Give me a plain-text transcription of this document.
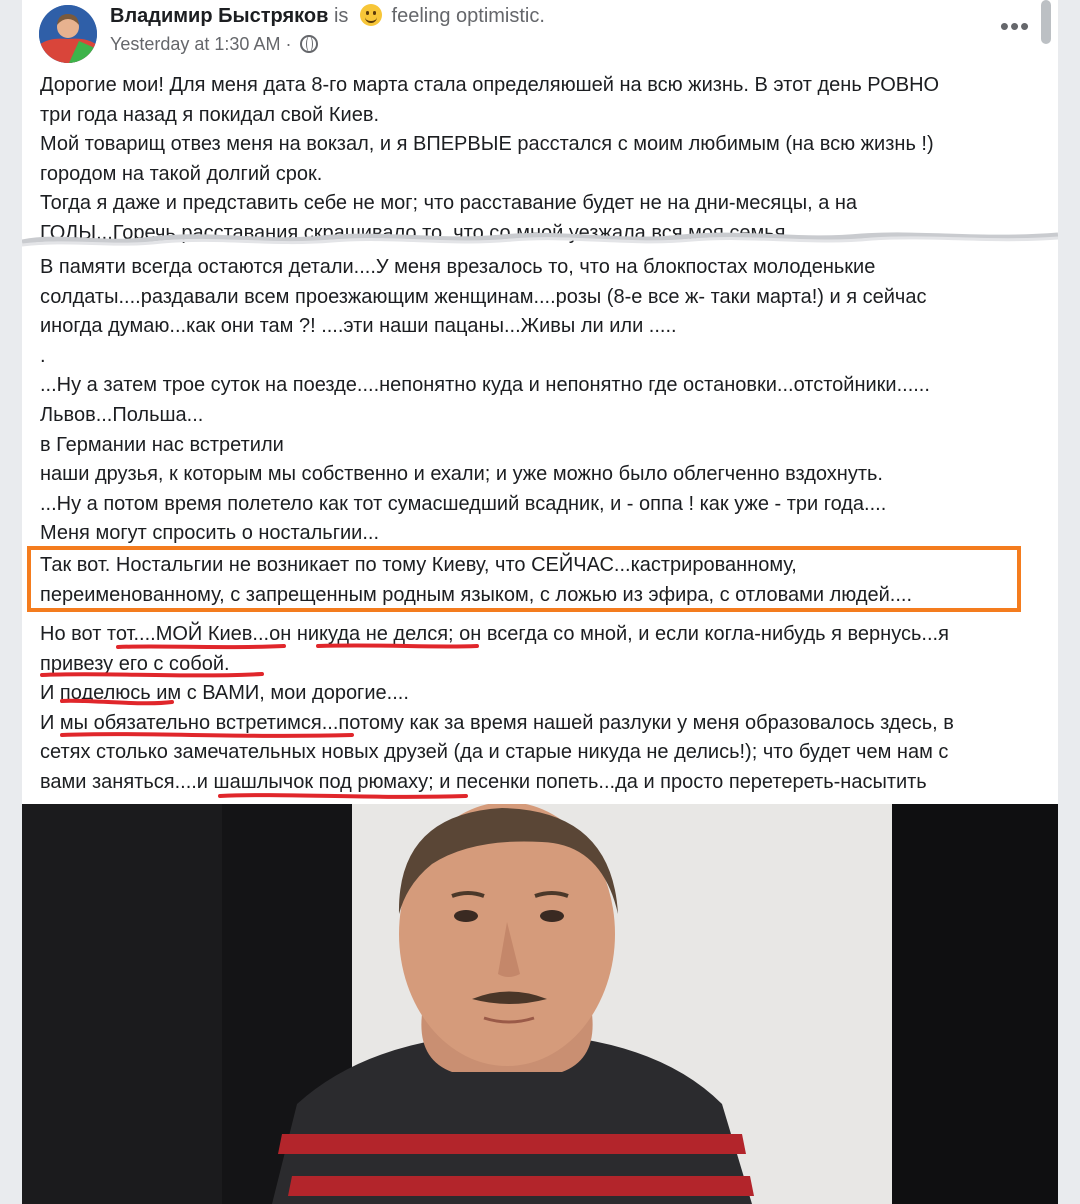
Владимир Быстряков is feeling optimistic.
Yesterday at 1:30 AM ·
•••

Дорогие мои! Для меня дата 8-го марта стала определяюшей на всю жизнь. В этот день РОВНО

три года назад я покидал свой Киев.

Мой товарищ отвез меня на вокзал, и я ВПЕРВЫЕ расстался с моим любимым (на всю жизнь !)

городом на такой долгий срок.

Тогда я даже и представить себе не мог; что расставание будет не на дни-месяцы, а на

ГОДЫ...Горечь расставания скрашивало то, что со мной уезжала вся моя семья....

В памяти всегда остаются детали....У меня врезалось то, что на блокпостах молоденькие

солдаты....раздавали всем проезжающим женщинам....розы (8-е все ж- таки марта!) и я сейчас

иногда думаю...как они там ?! ....эти наши пацаны...Живы ли или .....

.

...Ну а затем трое суток на поезде....непонятно куда и непонятно где остановки...отстойники......

Львов...Польша...

в Германии нас встретили

наши друзья, к которым мы собственно и ехали; и уже можно было облегченно вздохнуть.

...Ну а потом время полетело как тот сумасшедший всадник, и - оппа ! как уже - три года....

Меня могут спросить о ностальгии...

Так вот. Ностальгии не возникает по тому Киеву, что СЕЙЧАС...кастрированному,

переименованному, с запрещенным родным языком, с ложью из эфира, с отловами людей....

Но вот тот....МОЙ Киев...он никуда не делся; он всегда со мной, и если когла-нибудь я вернусь...я

привезу его с собой.

И поделюсь им с ВАМИ, мои дорогие....

И мы обязательно встретимся...потому как за время нашей разлуки у меня образовалось здесь, в

сетях столько замечательных новых друзей (да и старые никуда не делись!); что будет чем нам с

вами заняться....и шашлычок под рюмаху; и песенки попеть...да и просто перетереть-насытить
